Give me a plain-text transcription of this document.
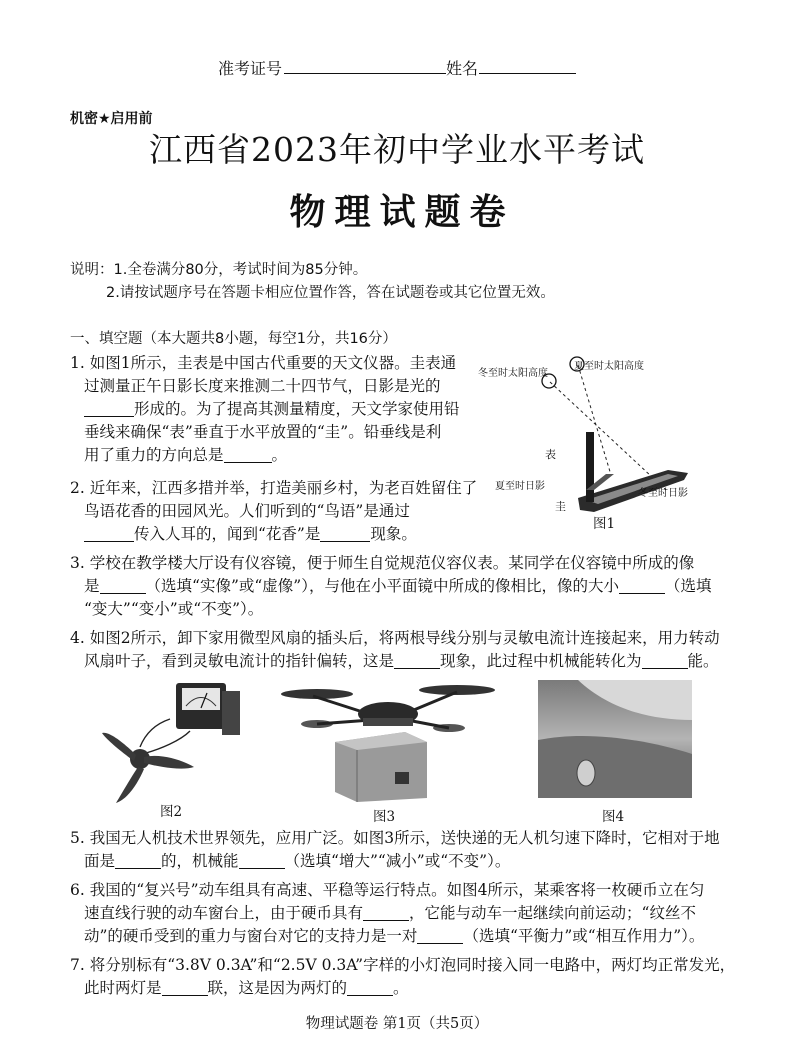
准考证号	姓名
机密★启用前
江西省2023年初中学业水平考试
物理试题卷
说明：1.全卷满分80分，考试时间为85分钟。
2.请按试题序号在答题卡相应位置作答，答在试题卷或其它位置无效。
一、填空题（本大题共8小题，每空1分，共16分）
1. 如图1所示，圭表是中国古代重要的天文仪器。圭表通
过测量正午日影长度来推测二十四节气，日影是光的
形成的。为了提高其测量精度，天文学家使用铅
垂线来确保“表”垂直于水平放置的“圭”。铅垂线是利
用了重力的方向总是	。
2. 近年来，江西多措并举，打造美丽乡村，为老百姓留住了
鸟语花香的田园风光。人们听到的“鸟语”是通过
传入人耳的，闻到“花香”是	现象。
冬至时太阳高度
夏至时太阳高度
表
夏至时日影
冬至时日影
圭
图1
3. 学校在教学楼大厅设有仪容镜，便于师生自觉规范仪容仪表。某同学在仪容镜中所成的像
是	（选填“实像”或“虚像”），与他在小平面镜中所成的像相比，像的大小	（选填
“变大”“变小”或“不变”）。
4. 如图2所示，卸下家用微型风扇的插头后，将两根导线分别与灵敏电流计连接起来，用力转动
风扇叶子，看到灵敏电流计的指针偏转，这是	现象，此过程中机械能转化为	能。
图2	图3	图4
5. 我国无人机技术世界领先，应用广泛。如图3所示，送快递的无人机匀速下降时，它相对于地
面是	的，机械能	（选填“增大”“减小”或“不变”）。
6. 我国的“复兴号”动车组具有高速、平稳等运行特点。如图4所示，某乘客将一枚硬币立在匀
速直线行驶的动车窗台上，由于硬币具有	，它能与动车一起继续向前运动；“纹丝不
动”的硬币受到的重力与窗台对它的支持力是一对	（选填“平衡力”或“相互作用力”）。
7. 将分别标有“3.8V 0.3A”和“2.5V 0.3A”字样的小灯泡同时接入同一电路中，两灯均正常发光，
此时两灯是	联，这是因为两灯的	。
物理试题卷 第1页（共5页）
